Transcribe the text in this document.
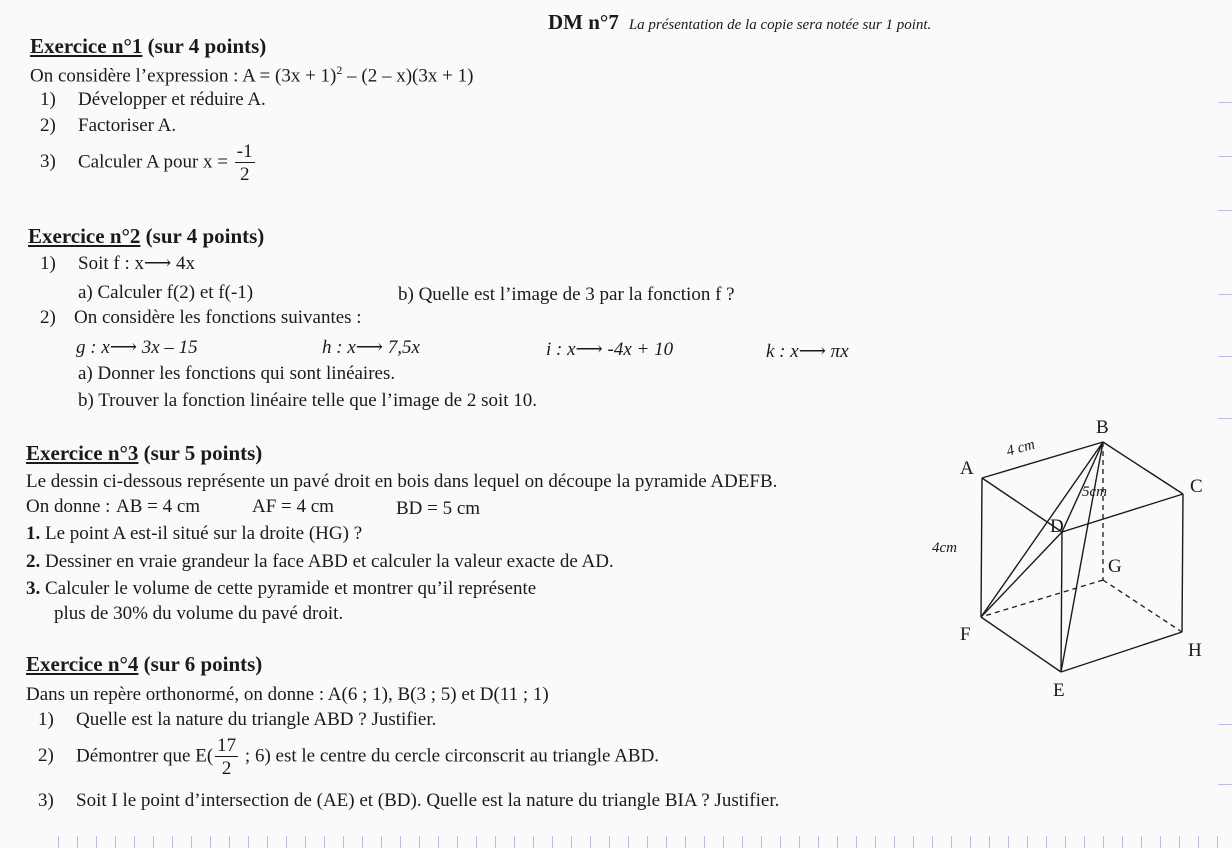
DM n°7 La présentation de la copie sera notée sur 1 point.
Exercice n°1 (sur 4 points)
On considère l’expression : $A = (3x + 1)^2 - (2 - x)(3x + 1)$
1) Développer et réduire A.
2) Factoriser A.
3) Calculer A pour $x = \frac{-1}{2}$
Exercice n°2 (sur 4 points)
1) Soit f : x⟶ 4x
a) Calculer f(2) et f(-1)	b) Quelle est l’image de 3 par la fonction f ?
2) On considère les fonctions suivantes :
g : x⟶ 3x – 15	h : x⟶ 7,5x	i : x⟶ -4x + 10	k : x⟶ πx
a) Donner les fonctions qui sont linéaires.
b) Trouver la fonction linéaire telle que l’image de 2 soit 10.
Exercice n°3 (sur 5 points)
Le dessin ci-dessous représente un pavé droit en bois dans lequel on découpe la pyramide ADEFB.
On donne : AB = 4 cm	AF = 4 cm	BD = 5 cm
1. Le point A est-il situé sur la droite (HG) ?
2. Dessiner en vraie grandeur la face ABD et calculer la valeur exacte de AD.
3. Calculer le volume de cette pyramide et montrer qu’il représente
plus de 30% du volume du pavé droit.
Exercice n°4 (sur 6 points)
Dans un repère orthonormé, on donne : A(6 ; 1), B(3 ; 5) et D(11 ; 1)
1) Quelle est la nature du triangle ABD ? Justifier.
2) Démontrer que $E( \frac{17}{2}$ ; 6) est le centre du cercle circonscrit au triangle ABD.
3) Soit I le point d’intersection de (AE) et (BD). Quelle est la nature du triangle BIA ? Justifier.
A
B
C
D
E
F
G
H
4 cm
4cm
5cm
